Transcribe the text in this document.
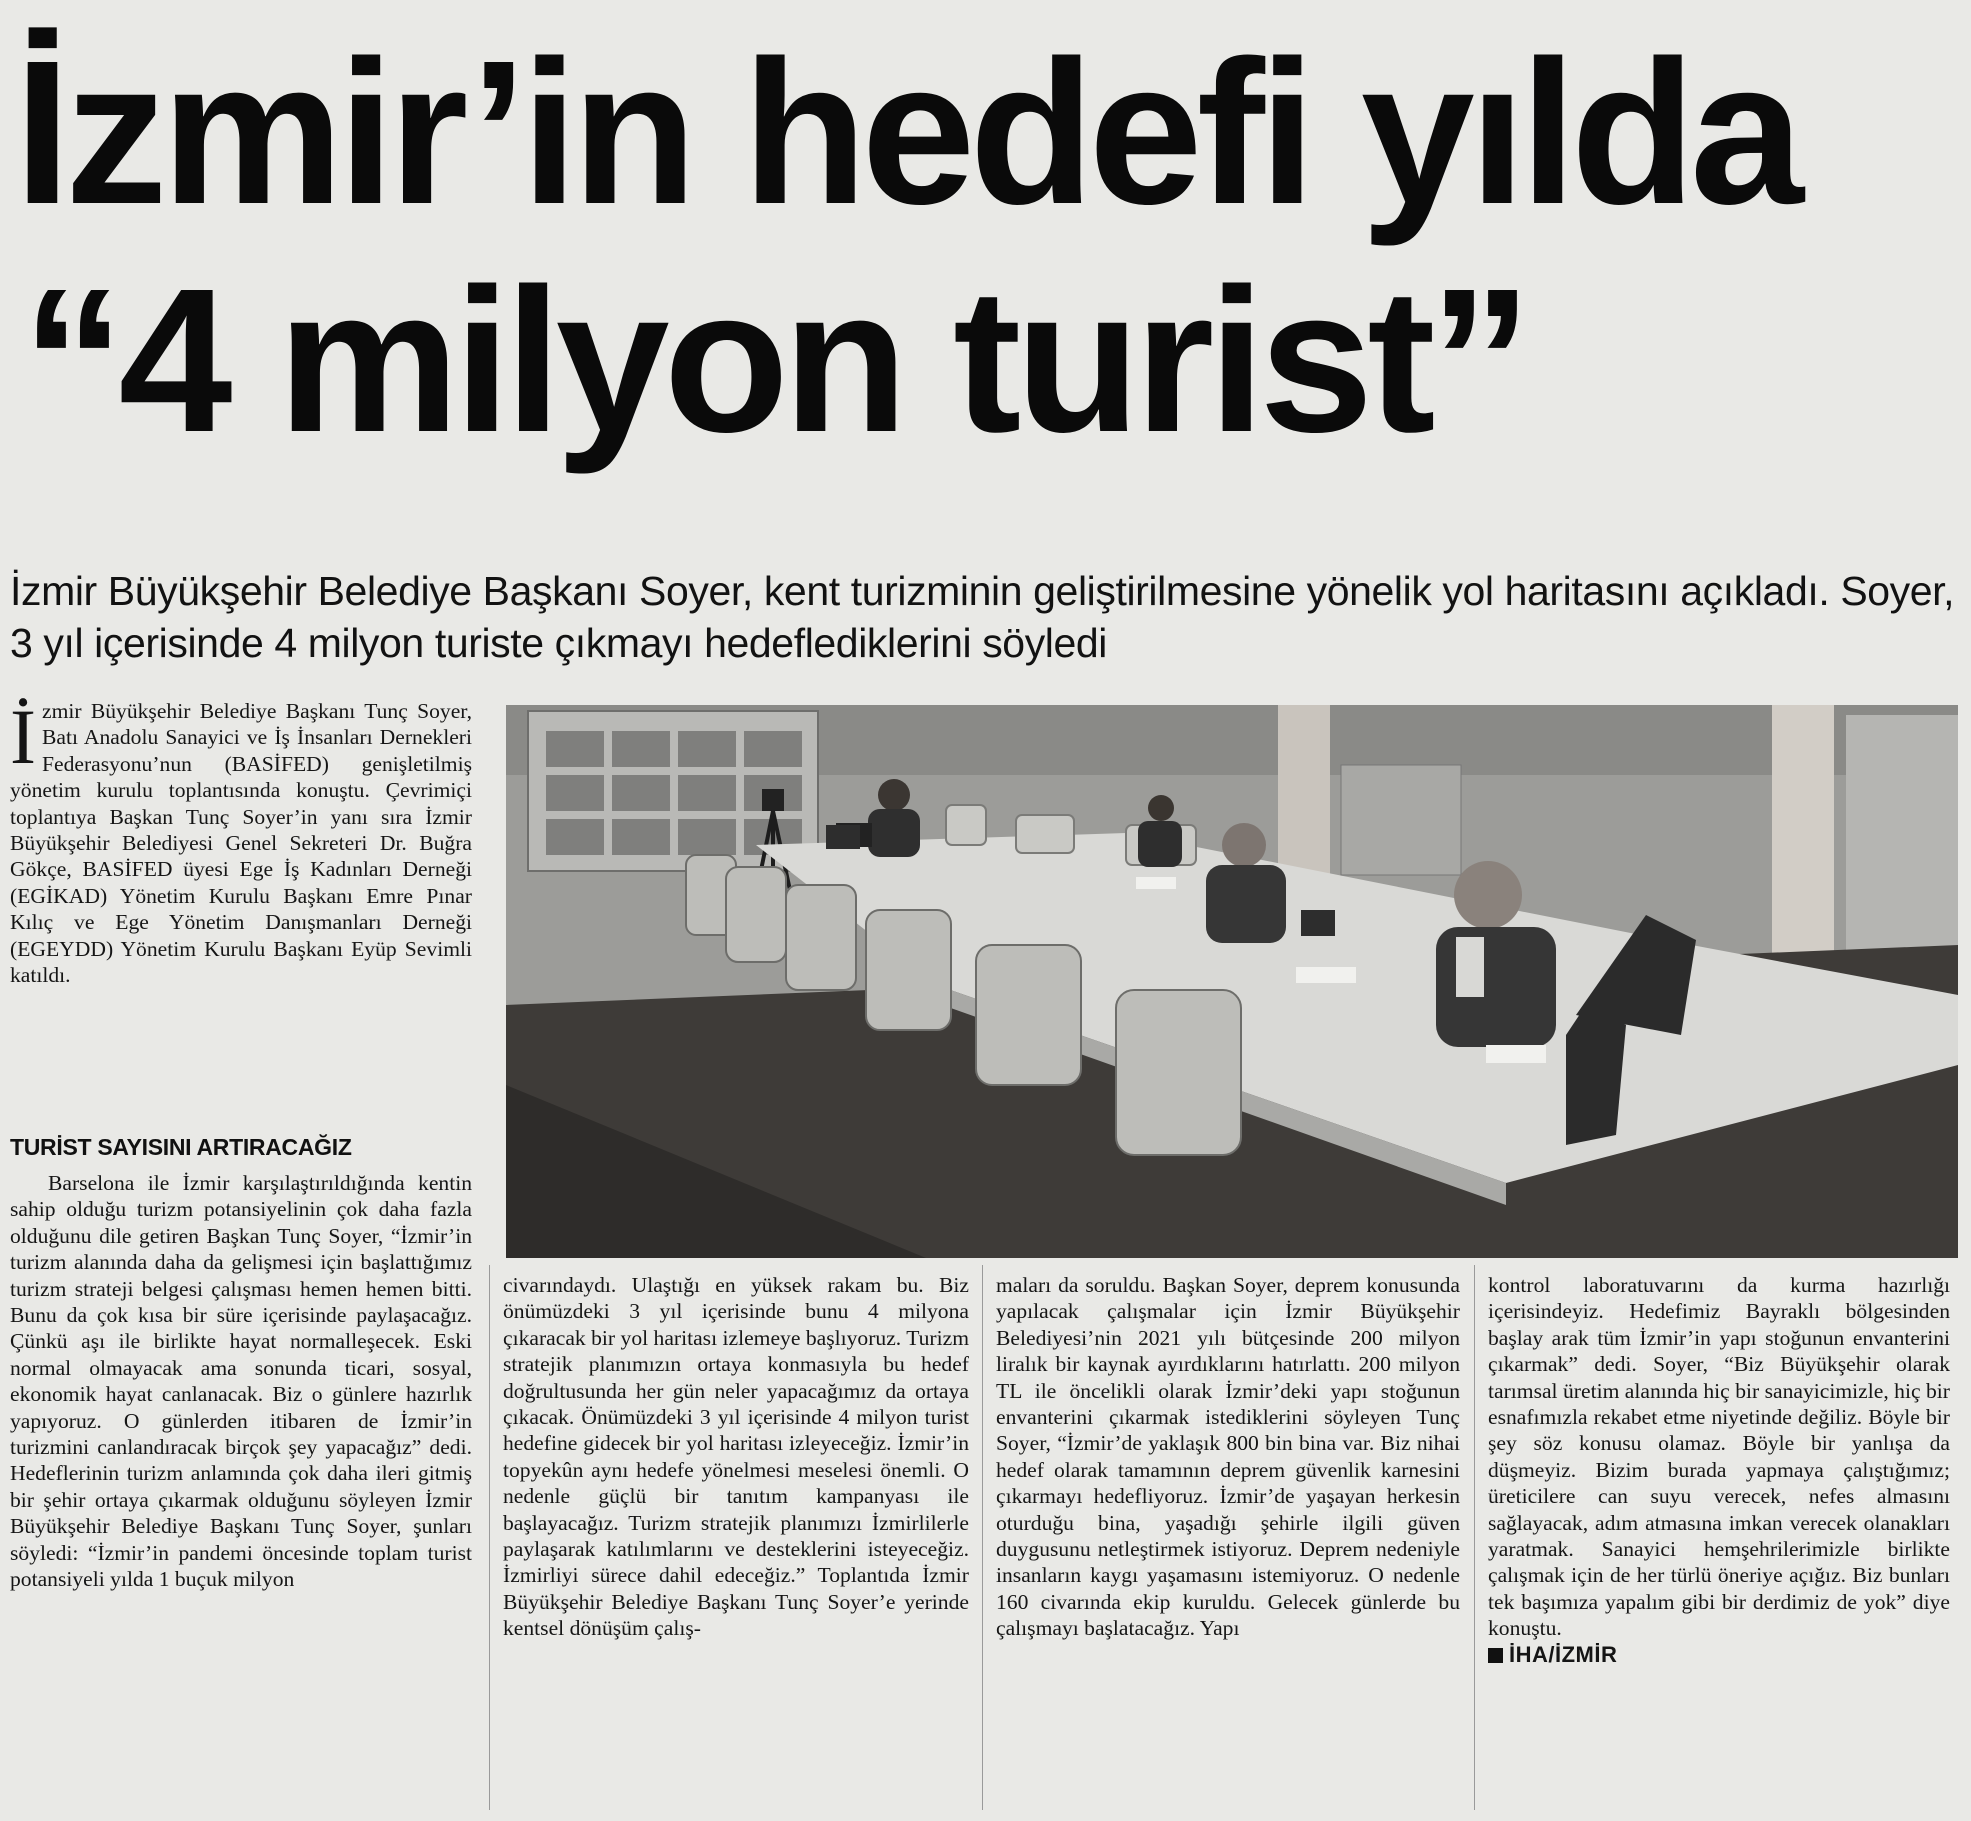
İzmir’in hedefi yılda
“4 milyon turist”

İzmir Büyükşehir Belediye Başkanı Soyer, kent turizminin geliştirilmesine yönelik yol haritasını açıkladı. Soyer, 3 yıl içerisinde 4 milyon turiste çıkmayı hedeflediklerini söyledi

İ zmir Büyükşehir Belediye Başkanı Tunç Soyer, Batı Anadolu Sanayici ve İş İnsanları Dernekleri Federasyonu’nun (BASİFED) genişletilmiş yönetim kurulu toplantısında konuştu. Çevrimiçi toplantıya Başkan Tunç Soyer’in yanı sıra İzmir Büyükşehir Belediyesi Genel Sekreteri Dr. Buğra Gökçe, BASİFED üyesi Ege İş Kadınları Derneği (EGİKAD) Yönetim Kurulu Başkanı Emre Pınar Kılıç ve Ege Yönetim Danışmanları Derneği (EGEYDD) Yönetim Kurulu Başkanı Eyüp Sevimli katıldı.
TURİST SAYISINI ARTIRACAĞIZ

Barselona ile İzmir karşılaştırıldığında kentin sahip olduğu turizm potansiyelinin çok daha fazla olduğunu dile getiren Başkan Tunç Soyer, “İzmir’in turizm alanında daha da gelişmesi için başlattığımız turizm strateji belgesi çalışması hemen hemen bitti. Bunu da çok kısa bir süre içerisinde paylaşacağız. Çünkü aşı ile birlikte hayat normalleşecek. Eski normal olmayacak ama sonunda ticari, sosyal, ekonomik hayat canlanacak. Biz o günlere hazırlık yapıyoruz. O günlerden itibaren de İzmir’in turizmini canlandıracak birçok şey yapacağız” dedi. Hedeflerinin turizm anlamında çok daha ileri gitmiş bir şehir ortaya çıkarmak olduğunu söyleyen İzmir Büyükşehir Belediye Başkanı Tunç Soyer, şunları söyledi: “İzmir’in pandemi öncesinde toplam turist potansiyeli yılda 1 buçuk milyon

civarındaydı. Ulaştığı en yüksek rakam bu. Biz önümüzdeki 3 yıl içerisinde bunu 4 milyona çıkaracak bir yol haritası izlemeye başlıyoruz. Turizm stratejik planımızın ortaya konmasıyla bu hedef doğrultusunda her gün neler yapacağımız da ortaya çıkacak. Önümüzdeki 3 yıl içerisinde 4 milyon turist hedefine gidecek bir yol haritası izleyeceğiz. İzmir’in topyekûn aynı hedefe yönelmesi meselesi önemli. O nedenle güçlü bir tanıtım kampanyası ile başlayacağız. Turizm stratejik planımızı İzmirlilerle paylaşarak katılımlarını ve desteklerini isteyeceğiz. İzmirliyi sürece dahil edeceğiz.” Toplantıda İzmir Büyükşehir Belediye Başkanı Tunç Soyer’e yerinde kentsel dönüşüm çalış-

maları da soruldu. Başkan Soyer, deprem konusunda yapılacak çalışmalar için İzmir Büyükşehir Belediyesi’nin 2021 yılı bütçesinde 200 milyon liralık bir kaynak ayırdıklarını hatırlattı. 200 milyon TL ile öncelikli olarak İzmir’deki yapı stoğunun envanterini çıkarmak istediklerini söyleyen Tunç Soyer, “İzmir’de yaklaşık 800 bin bina var. Biz nihai hedef olarak tamamının deprem güvenlik karnesini çıkarmayı hedefliyoruz. İzmir’de yaşayan herkesin oturduğu bina, yaşadığı şehirle ilgili güven duygusunu netleştirmek istiyoruz. Deprem nedeniyle insanların kaygı yaşamasını istemiyoruz. O nedenle 160 civarında ekip kuruldu. Gelecek günlerde bu çalışmayı başlatacağız. Yapı

kontrol laboratuvarını da kurma hazırlığı içerisindeyiz. Hedefimiz Bayraklı bölgesinden başlay arak tüm İzmir’in yapı stoğunun envanterini çıkarmak” dedi. Soyer, “Biz Büyükşehir olarak tarımsal üretim alanında hiç bir sanayicimizle, hiç bir esnafımızla rekabet etme niyetinde değiliz. Böyle bir şey söz konusu olamaz. Böyle bir yanlışa da düşmeyiz. Bizim burada yapmaya çalıştığımız; üreticilere can suyu verecek, nefes almasını sağlayacak, adım atmasına imkan verecek olanakları yaratmak. Sanayici hemşehrilerimizle birlikte çalışmak için de her türlü öneriye açığız. Biz bunları tek başımıza yapalım gibi bir derdimiz de yok” diye konuştu.

İHA/İZMİR
